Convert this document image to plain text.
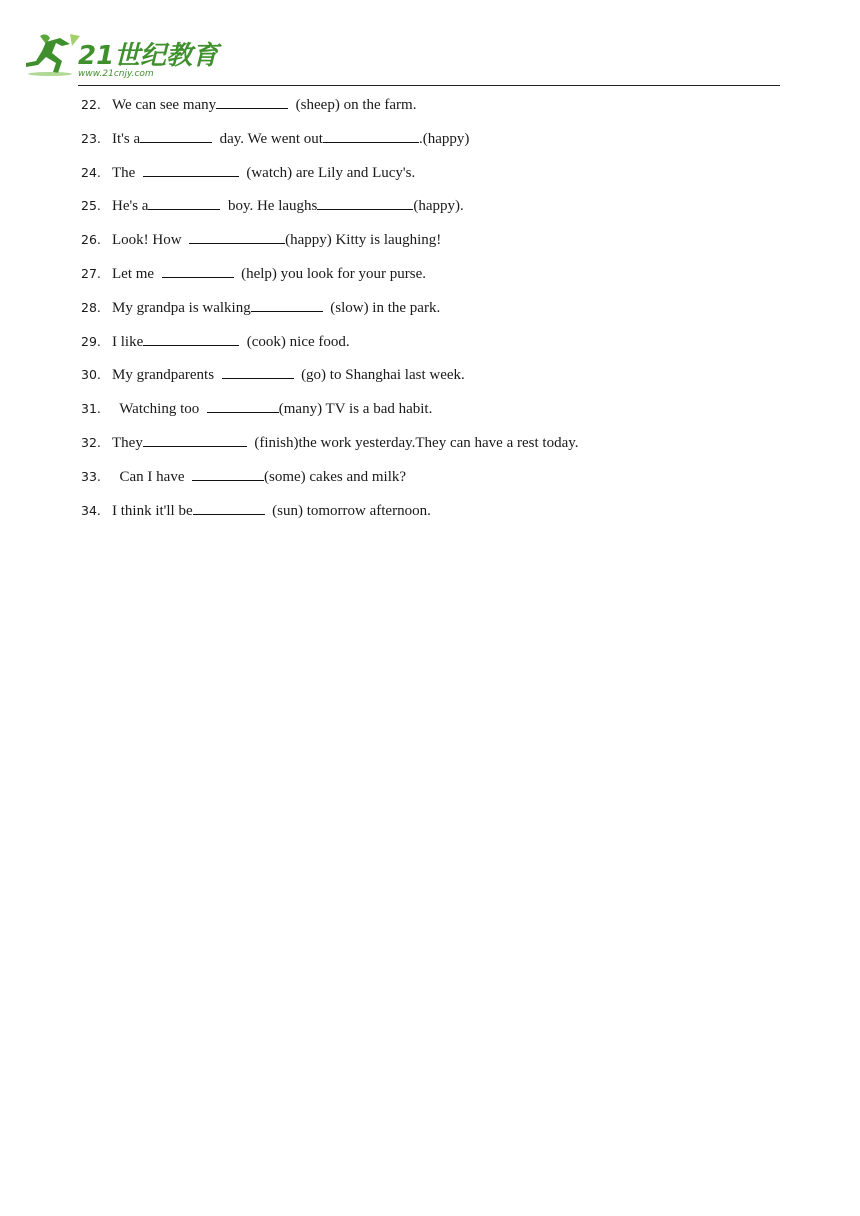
21世纪教育
www.21cnjy.com
22. We can see many	(sheep) on the farm.
23. It's a	day. We went out	.(happy)
24. The	(watch) are Lily and Lucy's.
25. He's a	boy. He laughs	(happy).
26. Look! How	(happy) Kitty is laughing!
27. Let me	(help) you look for your purse.
28. My grandpa is walking	(slow) in the park.
29. I like	(cook) nice food.
30. My grandparents	(go) to Shanghai last week.
31.  Watching too	(many) TV is a bad habit.
32. They	(finish)the work yesterday.They can have a rest today.
33.  Can I have	(some) cakes and milk?
34. I think it'll be	(sun) tomorrow afternoon.
